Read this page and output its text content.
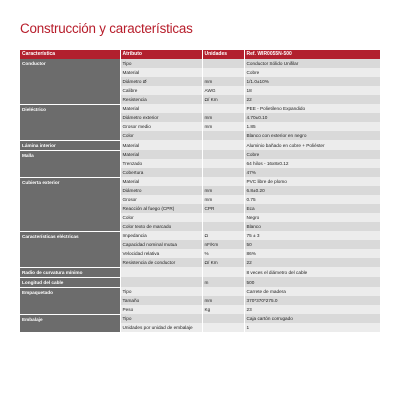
Construcción y características
Característica	Atributo	Unidades	Ref. WIR0055N-500
Conductor	Tipo		Conductor Sólido Unifilar
	Material		Cobre
	Diámetro Ø	mm	1/1.0±10%
	Calibre	AWG	18
	Resistencia	Ω/ Km	22
Dieléctrico	Material		PEE - Polietileno Expandido
	Diámetro exterior	mm	4.70±0.10
	Grosor medio	mm	1.85
	Color		Blanco con exterior en negro
Lámina interior	Material		Aluminio bañado en cobre + Poliéster
Malla	Material		Cobre
	Trenzado		64 hilos - 16x8x0.12
	Cobertura		47%
Cubierta exterior	Material		PVC libre de plomo
	Diámetro	mm	6.8±0.20
	Grosor	mm	0.75
	Reacción al fuego (CPR)	CPR	Eca
	Color		Negro
	Color texto de marcado		Blanco
Características eléctricas	Impedancia	Ω	75 ± 3
	Capacidad nominal mutua	nF/Km	50
	Velocidad relativa	%	86%
	Resistencia de conductor	Ω/ Km	22
Radio de curvatura mínimo			8 veces el diámetro del cable
Longitud del cable		m	500
Empaquetado	Tipo		Carrete de madera
	Tamaño	mm	370*370*275.0
	Peso	Kg	23
Embalaje	Tipo		Caja cartón corrugado
	Unidades por unidad de embalaje		1
